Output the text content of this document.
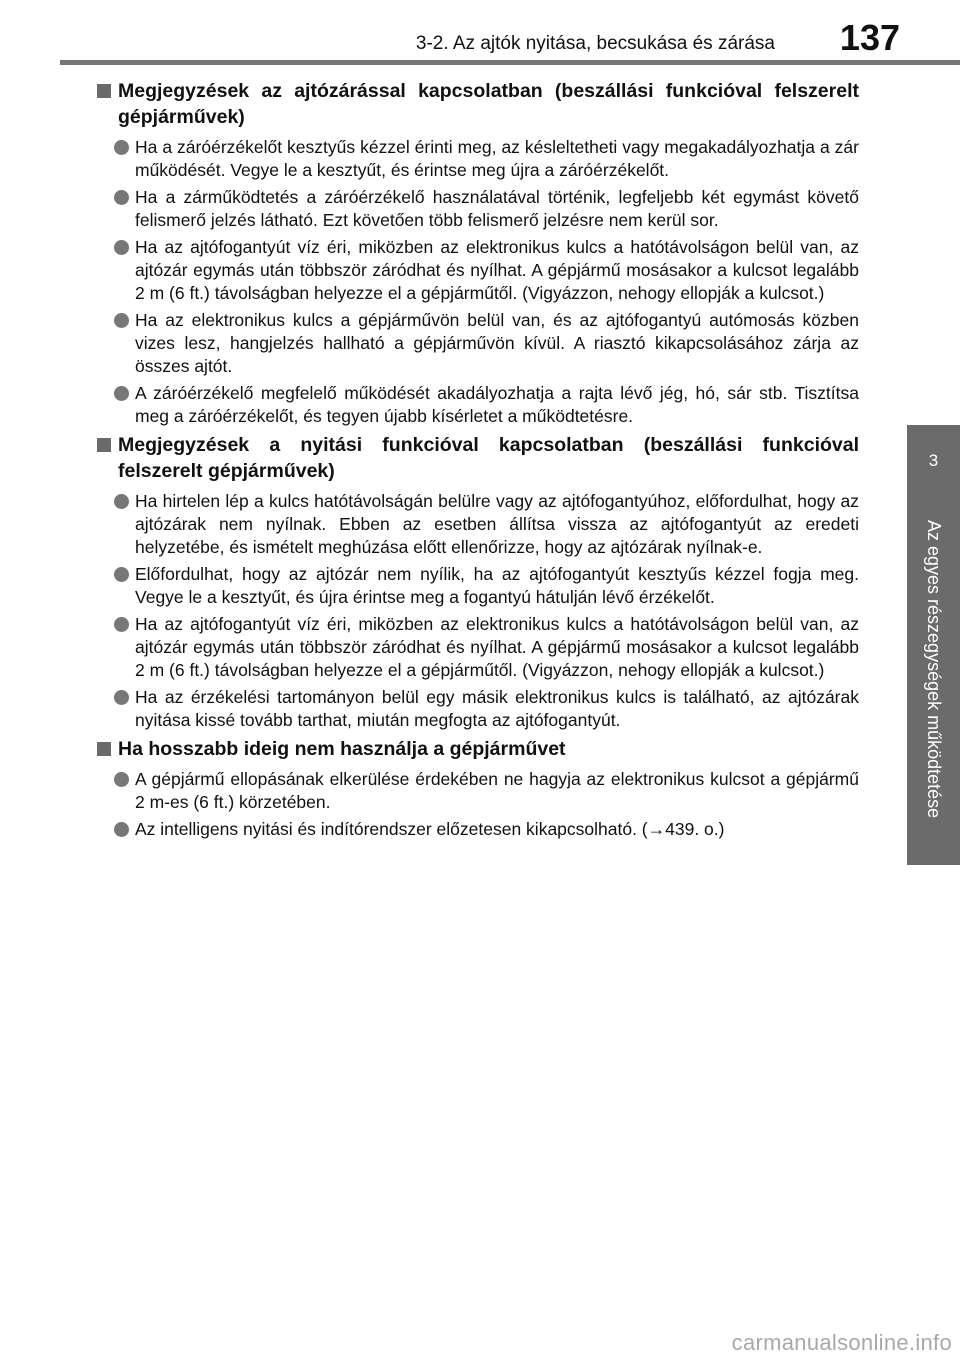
3-2. Az ajtók nyitása, becsukása és zárása	137
3
Az egyes részegységek működtetése
Megjegyzések az ajtózárással kapcsolatban (beszállási funkcióval felszerelt gépjárművek)
Ha a záróérzékelőt kesztyűs kézzel érinti meg, az késleltetheti vagy megakadályozhatja a zár működését. Vegye le a kesztyűt, és érintse meg újra a záróérzékelőt.
Ha a zárműködtetés a záróérzékelő használatával történik, legfeljebb két egymást követő felismerő jelzés látható. Ezt követően több felismerő jelzésre nem kerül sor.
Ha az ajtófogantyút víz éri, miközben az elektronikus kulcs a hatótávolságon belül van, az ajtózár egymás után többször záródhat és nyílhat. A gépjármű mosásakor a kulcsot legalább 2 m (6 ft.) távolságban helyezze el a gépjárműtől. (Vigyázzon, nehogy ellopják a kulcsot.)
Ha az elektronikus kulcs a gépjárművön belül van, és az ajtófogantyú autómosás közben vizes lesz, hangjelzés hallható a gépjárművön kívül. A riasztó kikapcsolásához zárja az összes ajtót.
A záróérzékelő megfelelő működését akadályozhatja a rajta lévő jég, hó, sár stb. Tisztítsa meg a záróérzékelőt, és tegyen újabb kísérletet a működtetésre.
Megjegyzések a nyitási funkcióval kapcsolatban (beszállási funkcióval felszerelt gépjárművek)
Ha hirtelen lép a kulcs hatótávolságán belülre vagy az ajtófogantyúhoz, előfordulhat, hogy az ajtózárak nem nyílnak. Ebben az esetben állítsa vissza az ajtófogantyút az eredeti helyzetébe, és ismételt meghúzása előtt ellenőrizze, hogy az ajtózárak nyílnak-e.
Előfordulhat, hogy az ajtózár nem nyílik, ha az ajtófogantyút kesztyűs kézzel fogja meg. Vegye le a kesztyűt, és újra érintse meg a fogantyú hátulján lévő érzékelőt.
Ha az ajtófogantyút víz éri, miközben az elektronikus kulcs a hatótávolságon belül van, az ajtózár egymás után többször záródhat és nyílhat. A gépjármű mosásakor a kulcsot legalább 2 m (6 ft.) távolságban helyezze el a gépjárműtől. (Vigyázzon, nehogy ellopják a kulcsot.)
Ha az érzékelési tartományon belül egy másik elektronikus kulcs is található, az ajtózárak nyitása kissé tovább tarthat, miután megfogta az ajtófogantyút.
Ha hosszabb ideig nem használja a gépjárművet
A gépjármű ellopásának elkerülése érdekében ne hagyja az elektronikus kulcsot a gépjármű 2 m-es (6 ft.) körzetében.
Az intelligens nyitási és indítórendszer előzetesen kikapcsolható. (→439. o.)
carmanualsonline.info
